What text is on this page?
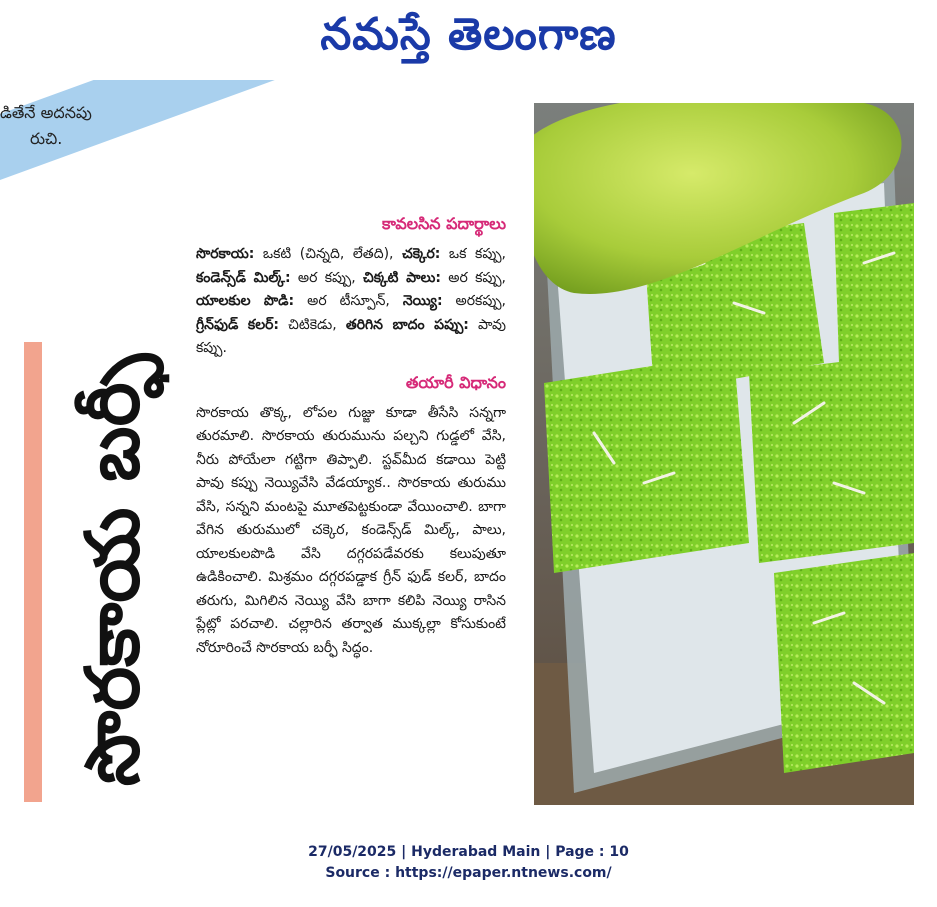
నమస్తే తెలంగాణ
డితేనే అదనపు
రుచి.
సొరకాయ బర్ఫీ
కావలసిన పదార్థాలు

సొరకాయ: ఒకటి (చిన్నది, లేతది), చక్కెర: ఒక కప్పు, కండెన్స్‌డ్ మిల్క్: అర కప్పు, చిక్కటి పాలు: అర కప్పు, యాలకుల పొడి: అర టీస్పూన్, నెయ్యి: అరకప్పు, గ్రీన్‌ఫుడ్ కలర్: చిటికెడు, తరిగిన బాదం పప్పు: పావు కప్పు.

తయారీ విధానం

సొరకాయ తొక్క, లోపల గుజ్జు కూడా తీసేసి సన్నగా తురమాలి. సొరకాయ తురుమును పల్చని గుడ్డలో వేసి, నీరు పోయేలా గట్టిగా తిప్పాలి. స్టవ్‌మీద కడాయి పెట్టి పావు కప్పు నెయ్యివేసి వేడయ్యాక.. సొరకాయ తురుము వేసి, సన్నని మంటపై మూతపెట్టకుండా వేయించాలి. బాగా వేగిన తురుములో చక్కెర, కండెన్స్‌డ్ మిల్క్, పాలు, యాలకులపొడి వేసి దగ్గరపడేవరకు కలుపుతూ ఉడికించాలి. మిశ్రమం దగ్గరపడ్డాక గ్రీన్ ఫుడ్ కలర్, బాదం తరుగు, మిగిలిన నెయ్యి వేసి బాగా కలిపి నెయ్యి రాసిన ప్లేట్లో పరచాలి. చల్లారిన తర్వాత ముక్కల్లా కోసుకుంటే నోరూరించే సొరకాయ బర్ఫీ సిద్ధం.

27/05/2025 | Hyderabad Main | Page : 10
Source : https://epaper.ntnews.com/
